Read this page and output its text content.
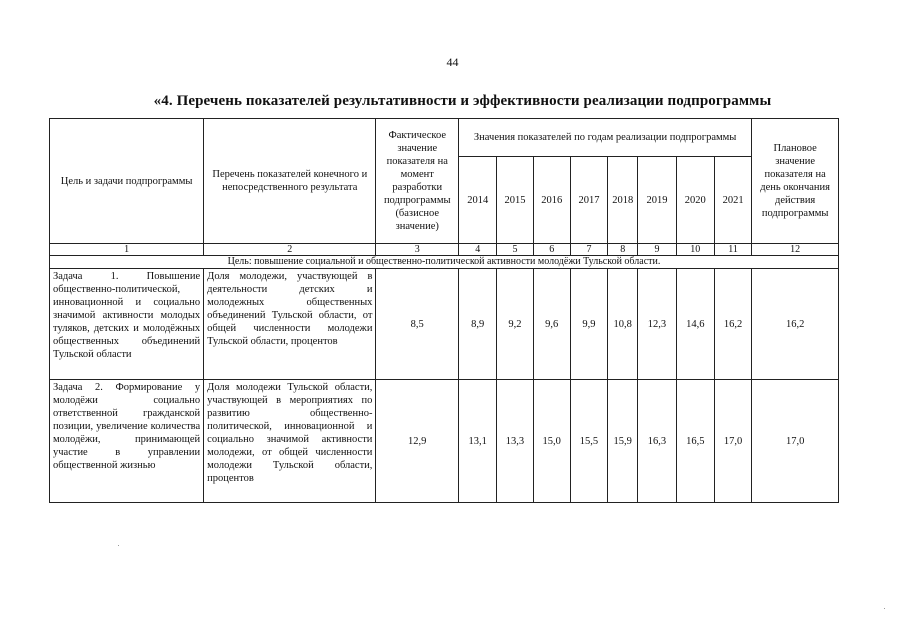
44
«4. Перечень показателей результативности и эффективности реализации подпрограммы
Цель и задачи подпрограммы	Перечень показателей конечного и непосредственного результата	Фактическое значение показателя на момент разработки подпрограммы (базисное значение)	Значения показателей по годам реализации подпрограммы								Плановое значение показателя на день окончания действия подпрограммы
			2014	2015	2016	2017	2018	2019	2020	2021	
1	2	3	4	5	6	7	8	9	10	11	12
Цель: повышение социальной и общественно-политической активности молодёжи Тульской области.											
Задача 1. Повышение общественно-политической, инновационной и социально значимой активности молодых туляков, детских и молодёжных общественных объединений Тульской области	Доля молодежи, участвующей в деятельности детских и молодежных общественных объединений Тульской области, от общей численности молодежи Тульской области, процентов	8,5	8,9	9,2	9,6	9,9	10,8	12,3	14,6	16,2	16,2
Задача 2. Формирование у молодёжи социально ответственной гражданской позиции, увеличение количества молодёжи, принимающей участие в управлении общественной жизнью	Доля молодежи Тульской области, участвующей в мероприятиях по развитию общественно-политической, инновационной и социально значимой активности молодежи, от общей численности молодежи Тульской области, процентов	12,9	13,1	13,3	15,0	15,5	15,9	16,3	16,5	17,0	17,0
